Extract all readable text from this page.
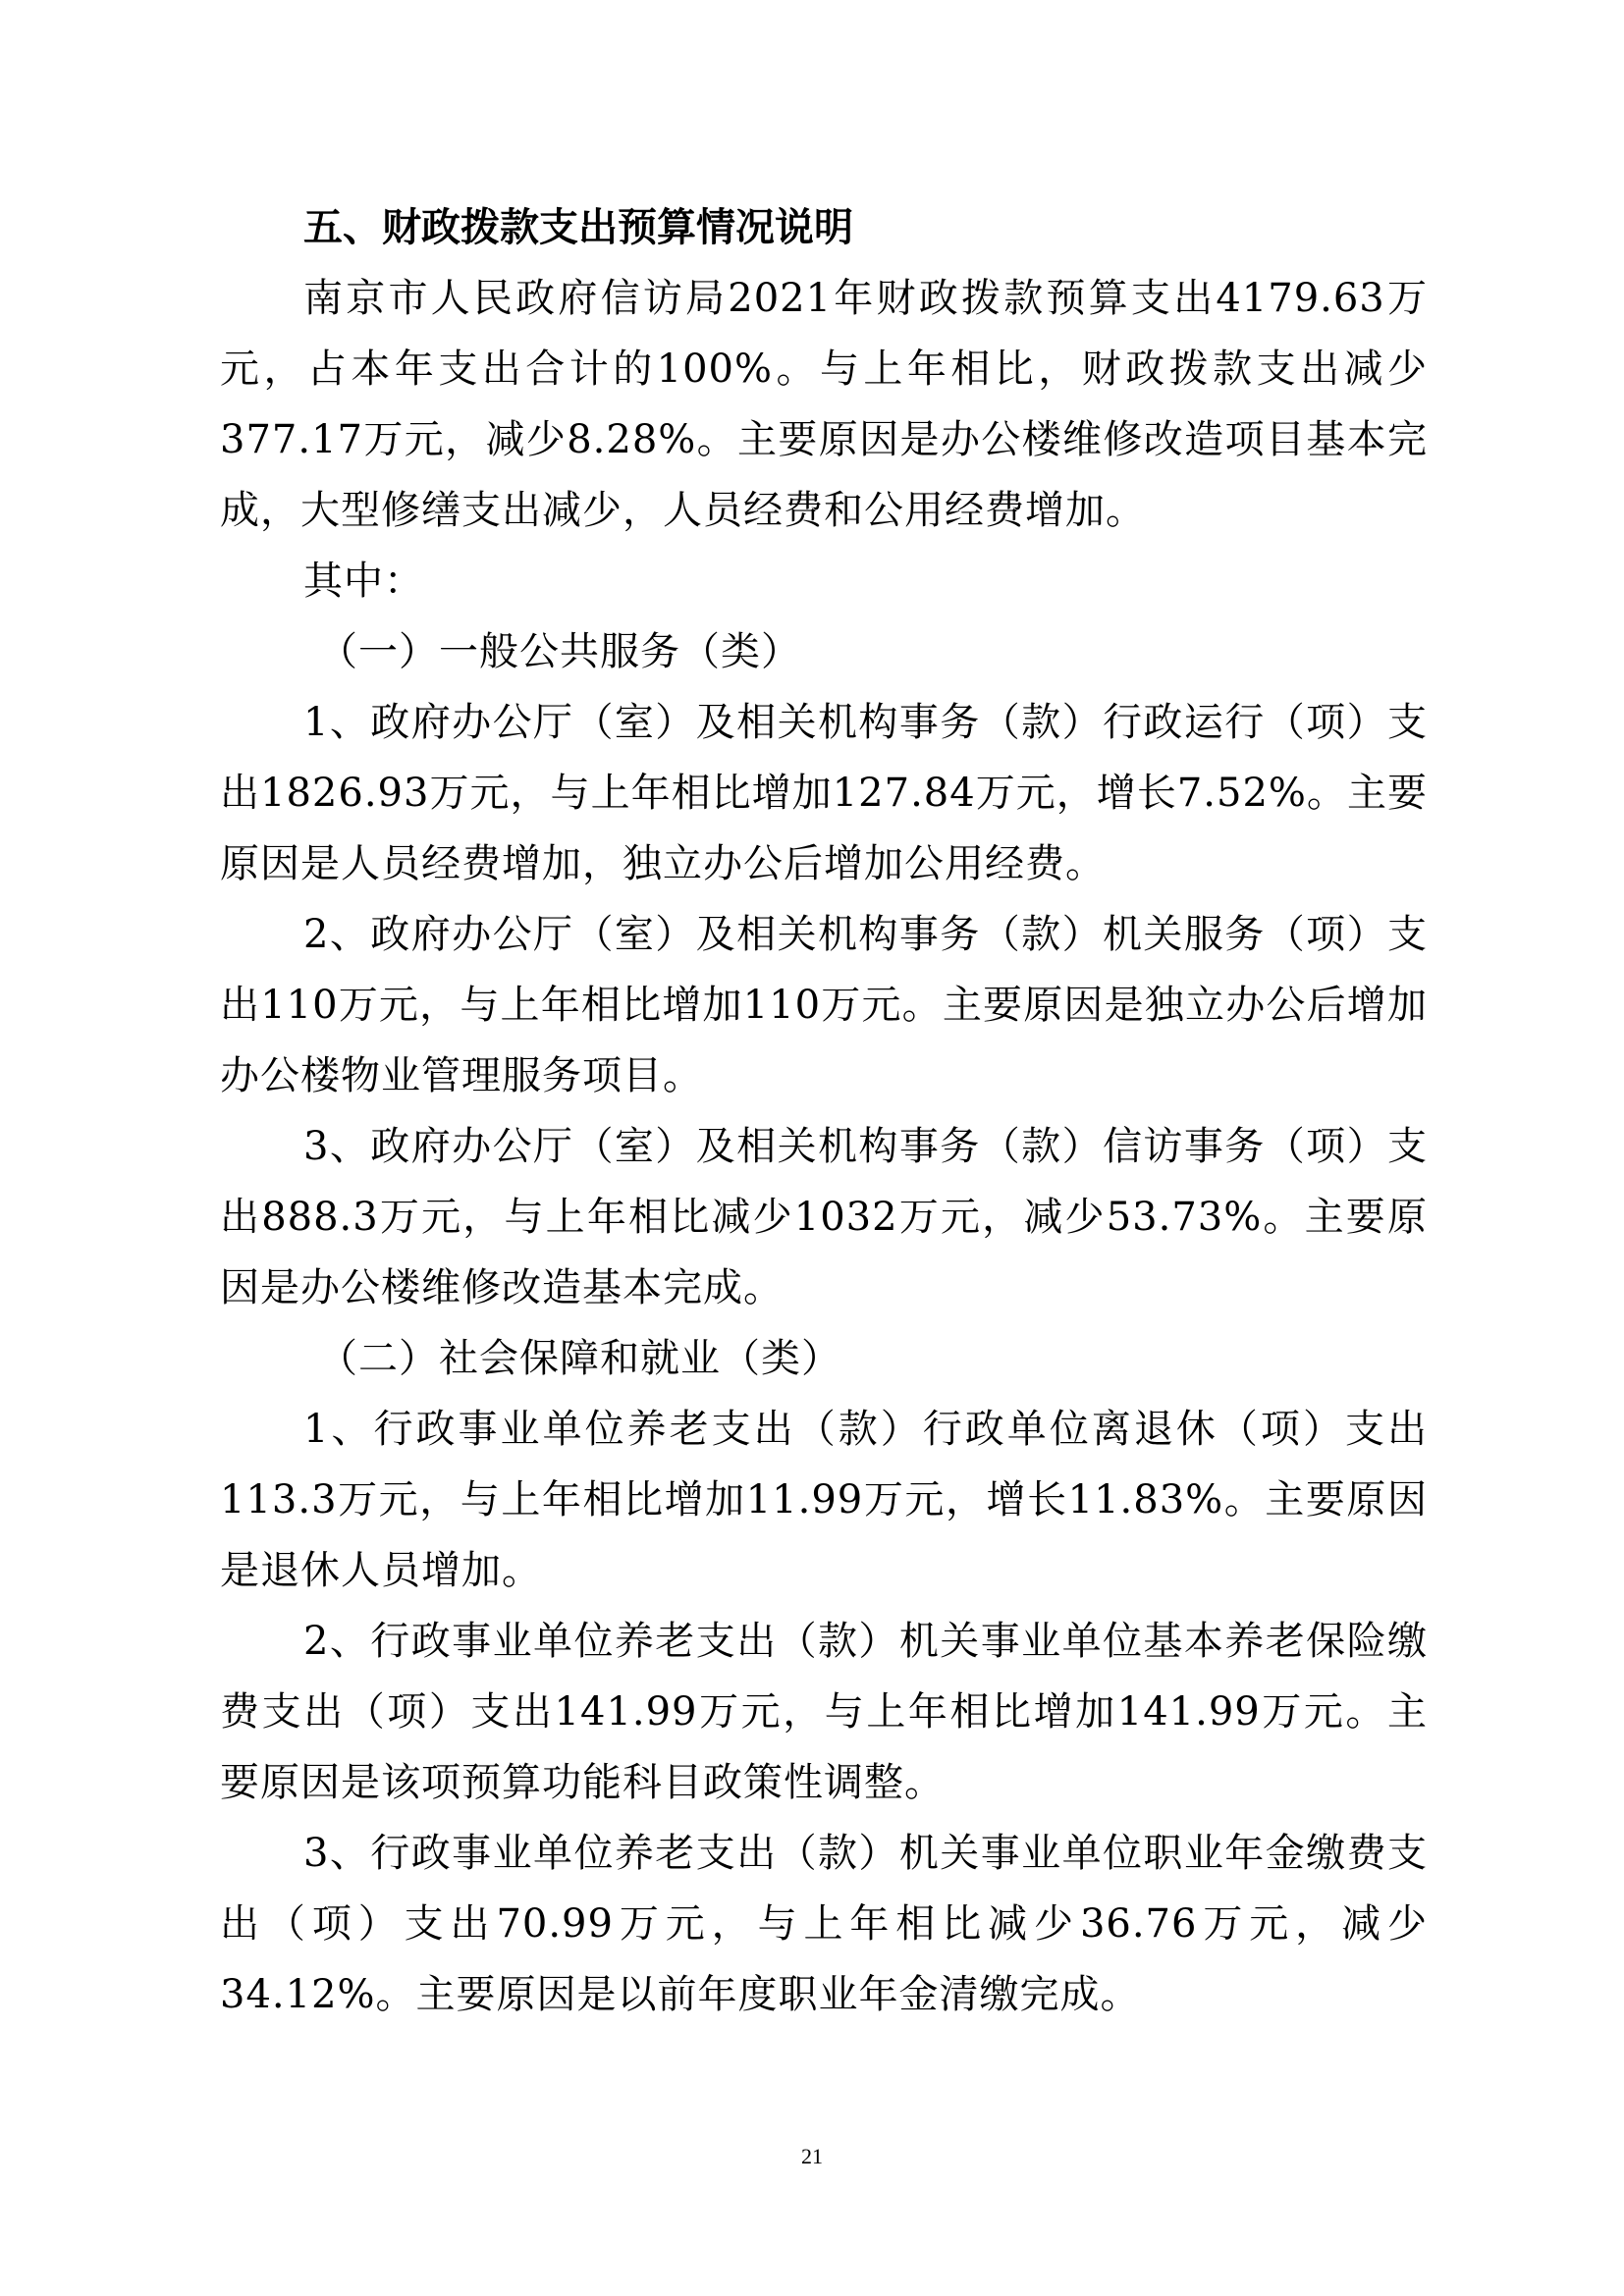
五、财政拨款支出预算情况说明

南京市人民政府信访局2021年财政拨款预算支出4179.63万元，占本年支出合计的100%。与上年相比，财政拨款支出减少377.17万元，减少8.28%。主要原因是办公楼维修改造项目基本完成，大型修缮支出减少，人员经费和公用经费增加。

其中：

（一）一般公共服务（类）

1、政府办公厅（室）及相关机构事务（款）行政运行（项）支出1826.93万元，与上年相比增加127.84万元，增长7.52%。主要原因是人员经费增加，独立办公后增加公用经费。

2、政府办公厅（室）及相关机构事务（款）机关服务（项）支出110万元，与上年相比增加110万元。主要原因是独立办公后增加办公楼物业管理服务项目。

3、政府办公厅（室）及相关机构事务（款）信访事务（项）支出888.3万元，与上年相比减少1032万元，减少53.73%。主要原因是办公楼维修改造基本完成。

（二）社会保障和就业（类）

1、行政事业单位养老支出（款）行政单位离退休（项）支出113.3万元，与上年相比增加11.99万元，增长11.83%。主要原因是退休人员增加。

2、行政事业单位养老支出（款）机关事业单位基本养老保险缴费支出（项）支出141.99万元，与上年相比增加141.99万元。主要原因是该项预算功能科目政策性调整。

3、行政事业单位养老支出（款）机关事业单位职业年金缴费支出（项）支出70.99万元，与上年相比减少36.76万元，减少34.12%。主要原因是以前年度职业年金清缴完成。

21
